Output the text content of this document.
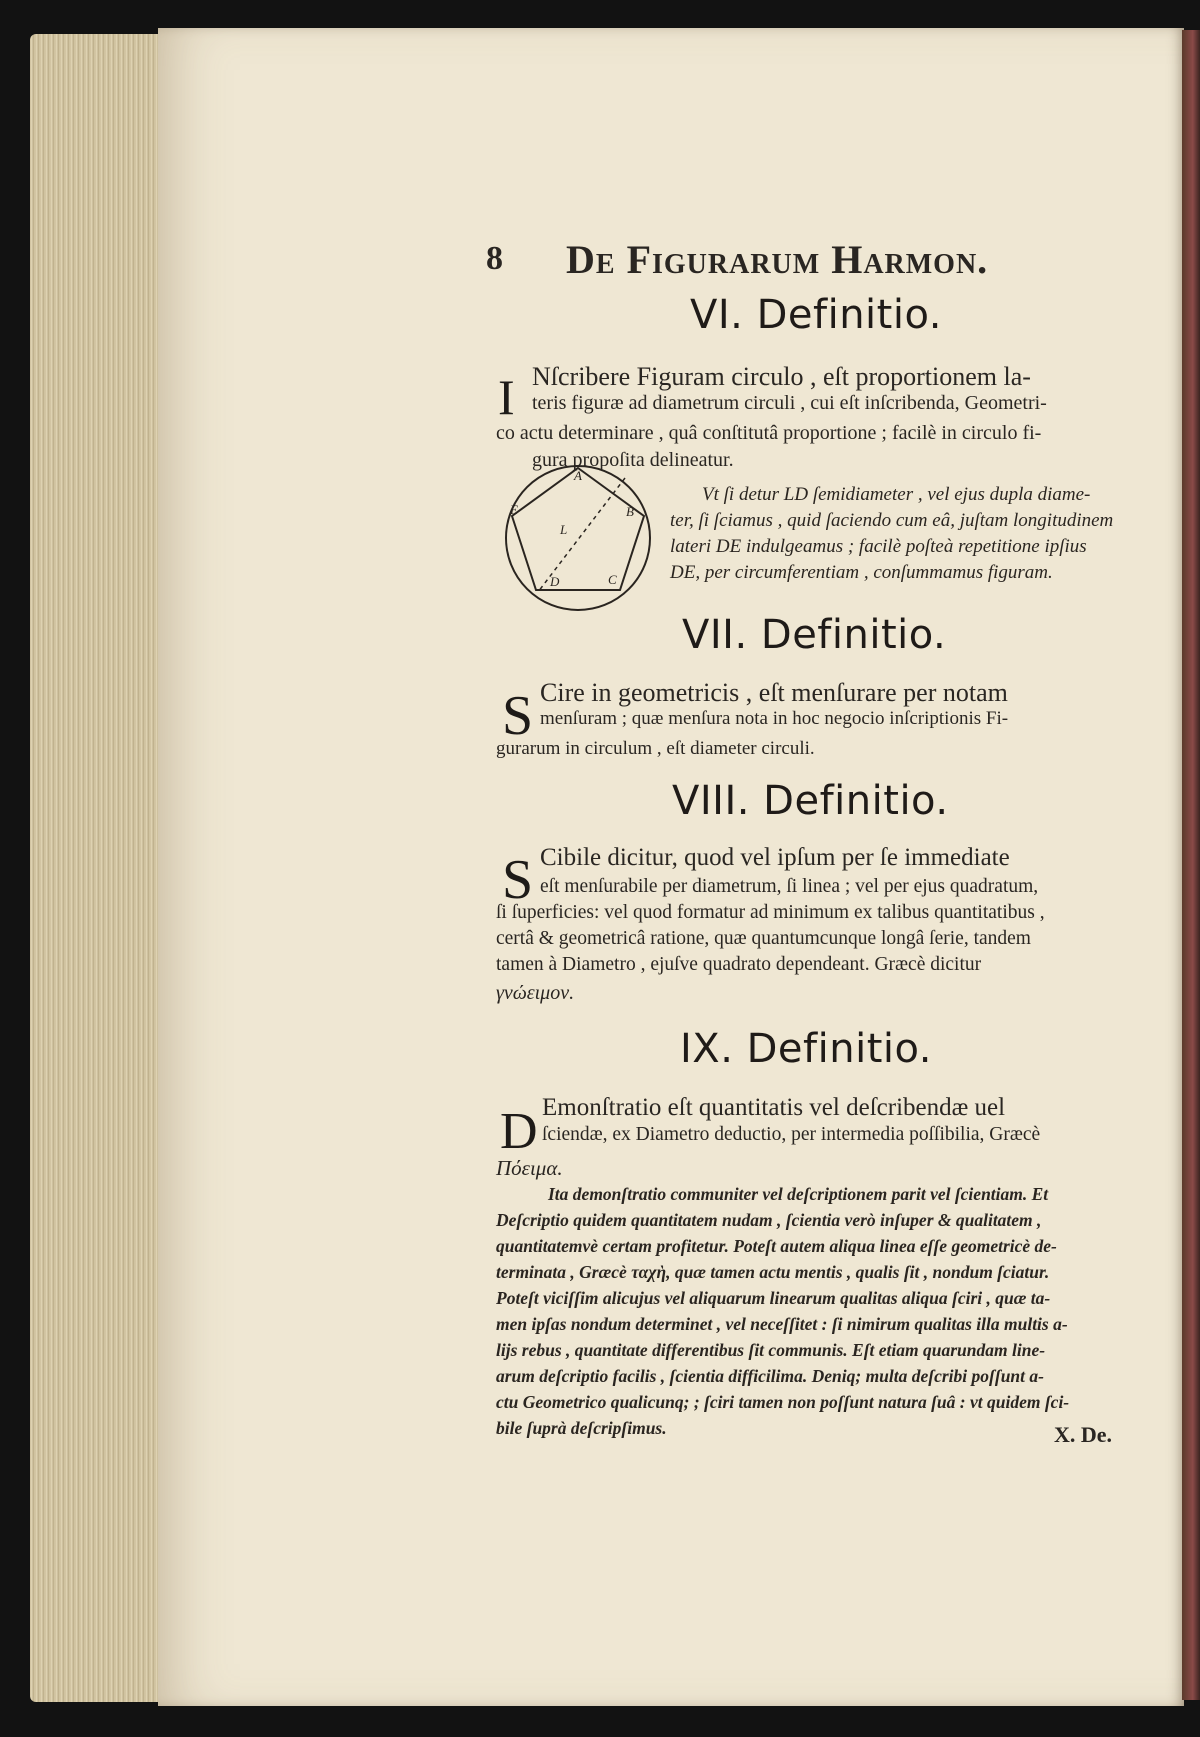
8 De Figurarum Harmon.
VI. Definitio.
I Nſcribere Figuram circulo , eſt proportionem la-
teris figuræ ad diametrum circuli , cui eſt inſcribenda, Geometri-
co actu determinare , quâ conſtitutâ proportione ; facilè in circulo fi-
gura propoſita delineatur.
A
B
C
D
E
L
Vt ſi detur LD ſemidiameter , vel ejus dupla diame-
ter, ſi ſciamus , quid ſaciendo cum eâ, juſtam longitudinem
lateri DE indulgeamus ; facilè poſteà repetitione ipſius
DE, per circumferentiam , conſummamus figuram.
VII. Definitio.
S Cire in geometricis , eſt menſurare per notam
menſuram ; quæ menſura nota in hoc negocio inſcriptionis Fi-
gurarum in circulum , eſt diameter circuli.
VIII. Definitio.
S Cibile dicitur, quod vel ipſum per ſe immediate
eſt menſurabile per diametrum, ſi linea ; vel per ejus quadratum,
ſi ſuperficies: vel quod formatur ad minimum ex talibus quantitatibus ,
certâ & geometricâ ratione, quæ quantumcunque longâ ſerie, tandem
tamen à Diametro , ejuſve quadrato dependeant. Græcè dicitur
γνώειμον.
IX. Definitio.
D Emonſtratio eſt quantitatis vel deſcribendæ uel
ſciendæ, ex Diametro deductio, per intermedia poſſibilia, Græcè
Πόειμα.
Ita demonſtratio communiter vel deſcriptionem parit vel ſcientiam. Et
Deſcriptio quidem quantitatem nudam , ſcientia verò inſuper & qualitatem ,
quantitatemvè certam profitetur. Poteſt autem aliqua linea eſſe geometricè de-
terminata , Græcè ταχὴ, quæ tamen actu mentis , qualis ſit , nondum ſciatur.
Poteſt viciſſim alicujus vel aliquarum linearum qualitas aliqua ſciri , quæ ta-
men ipſas nondum determinet , vel neceſſitet : ſi nimirum qualitas illa multis a-
lijs rebus , quantitate differentibus ſit communis. Eſt etiam quarundam line-
arum deſcriptio facilis , ſcientia difficilima. Deniq; multa deſcribi poſſunt a-
ctu Geometrico qualicunq; ; ſciri tamen non poſſunt natura ſuâ : vt quidem ſci-
bile ſuprà deſcripſimus.	X. De.
